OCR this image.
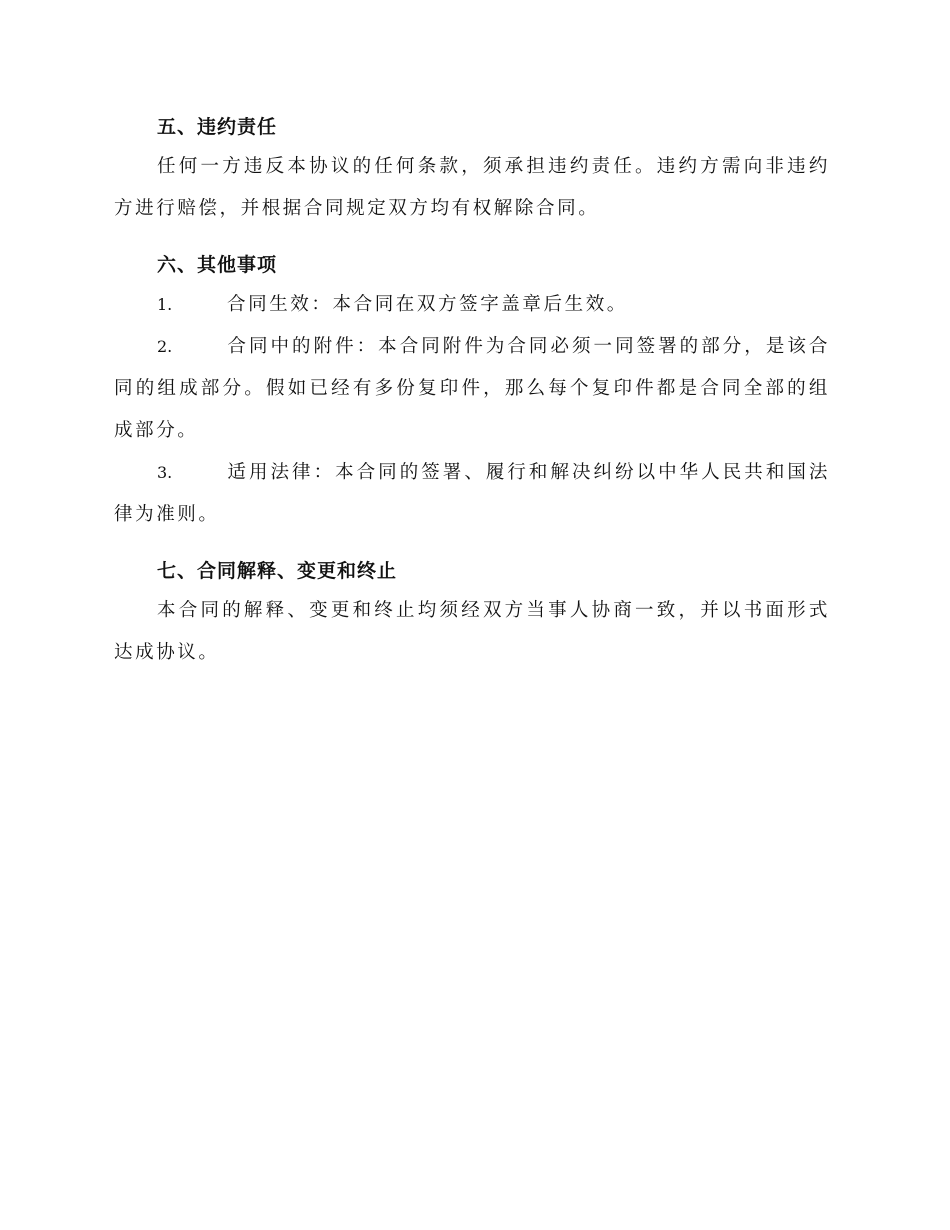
五、违约责任

任何一方违反本协议的任何条款，须承担违约责任。违约方需向非违约方进行赔偿，并根据合同规定双方均有权解除合同。

六、其他事项

1.	合同生效：本合同在双方签字盖章后生效。

2.	合同中的附件：本合同附件为合同必须一同签署的部分，是该合同的组成部分。假如已经有多份复印件，那么每个复印件都是合同全部的组成部分。

3.	适用法律：本合同的签署、履行和解决纠纷以中华人民共和国法律为准则。

七、合同解释、变更和终止

本合同的解释、变更和终止均须经双方当事人协商一致，并以书面形式达成协议。
